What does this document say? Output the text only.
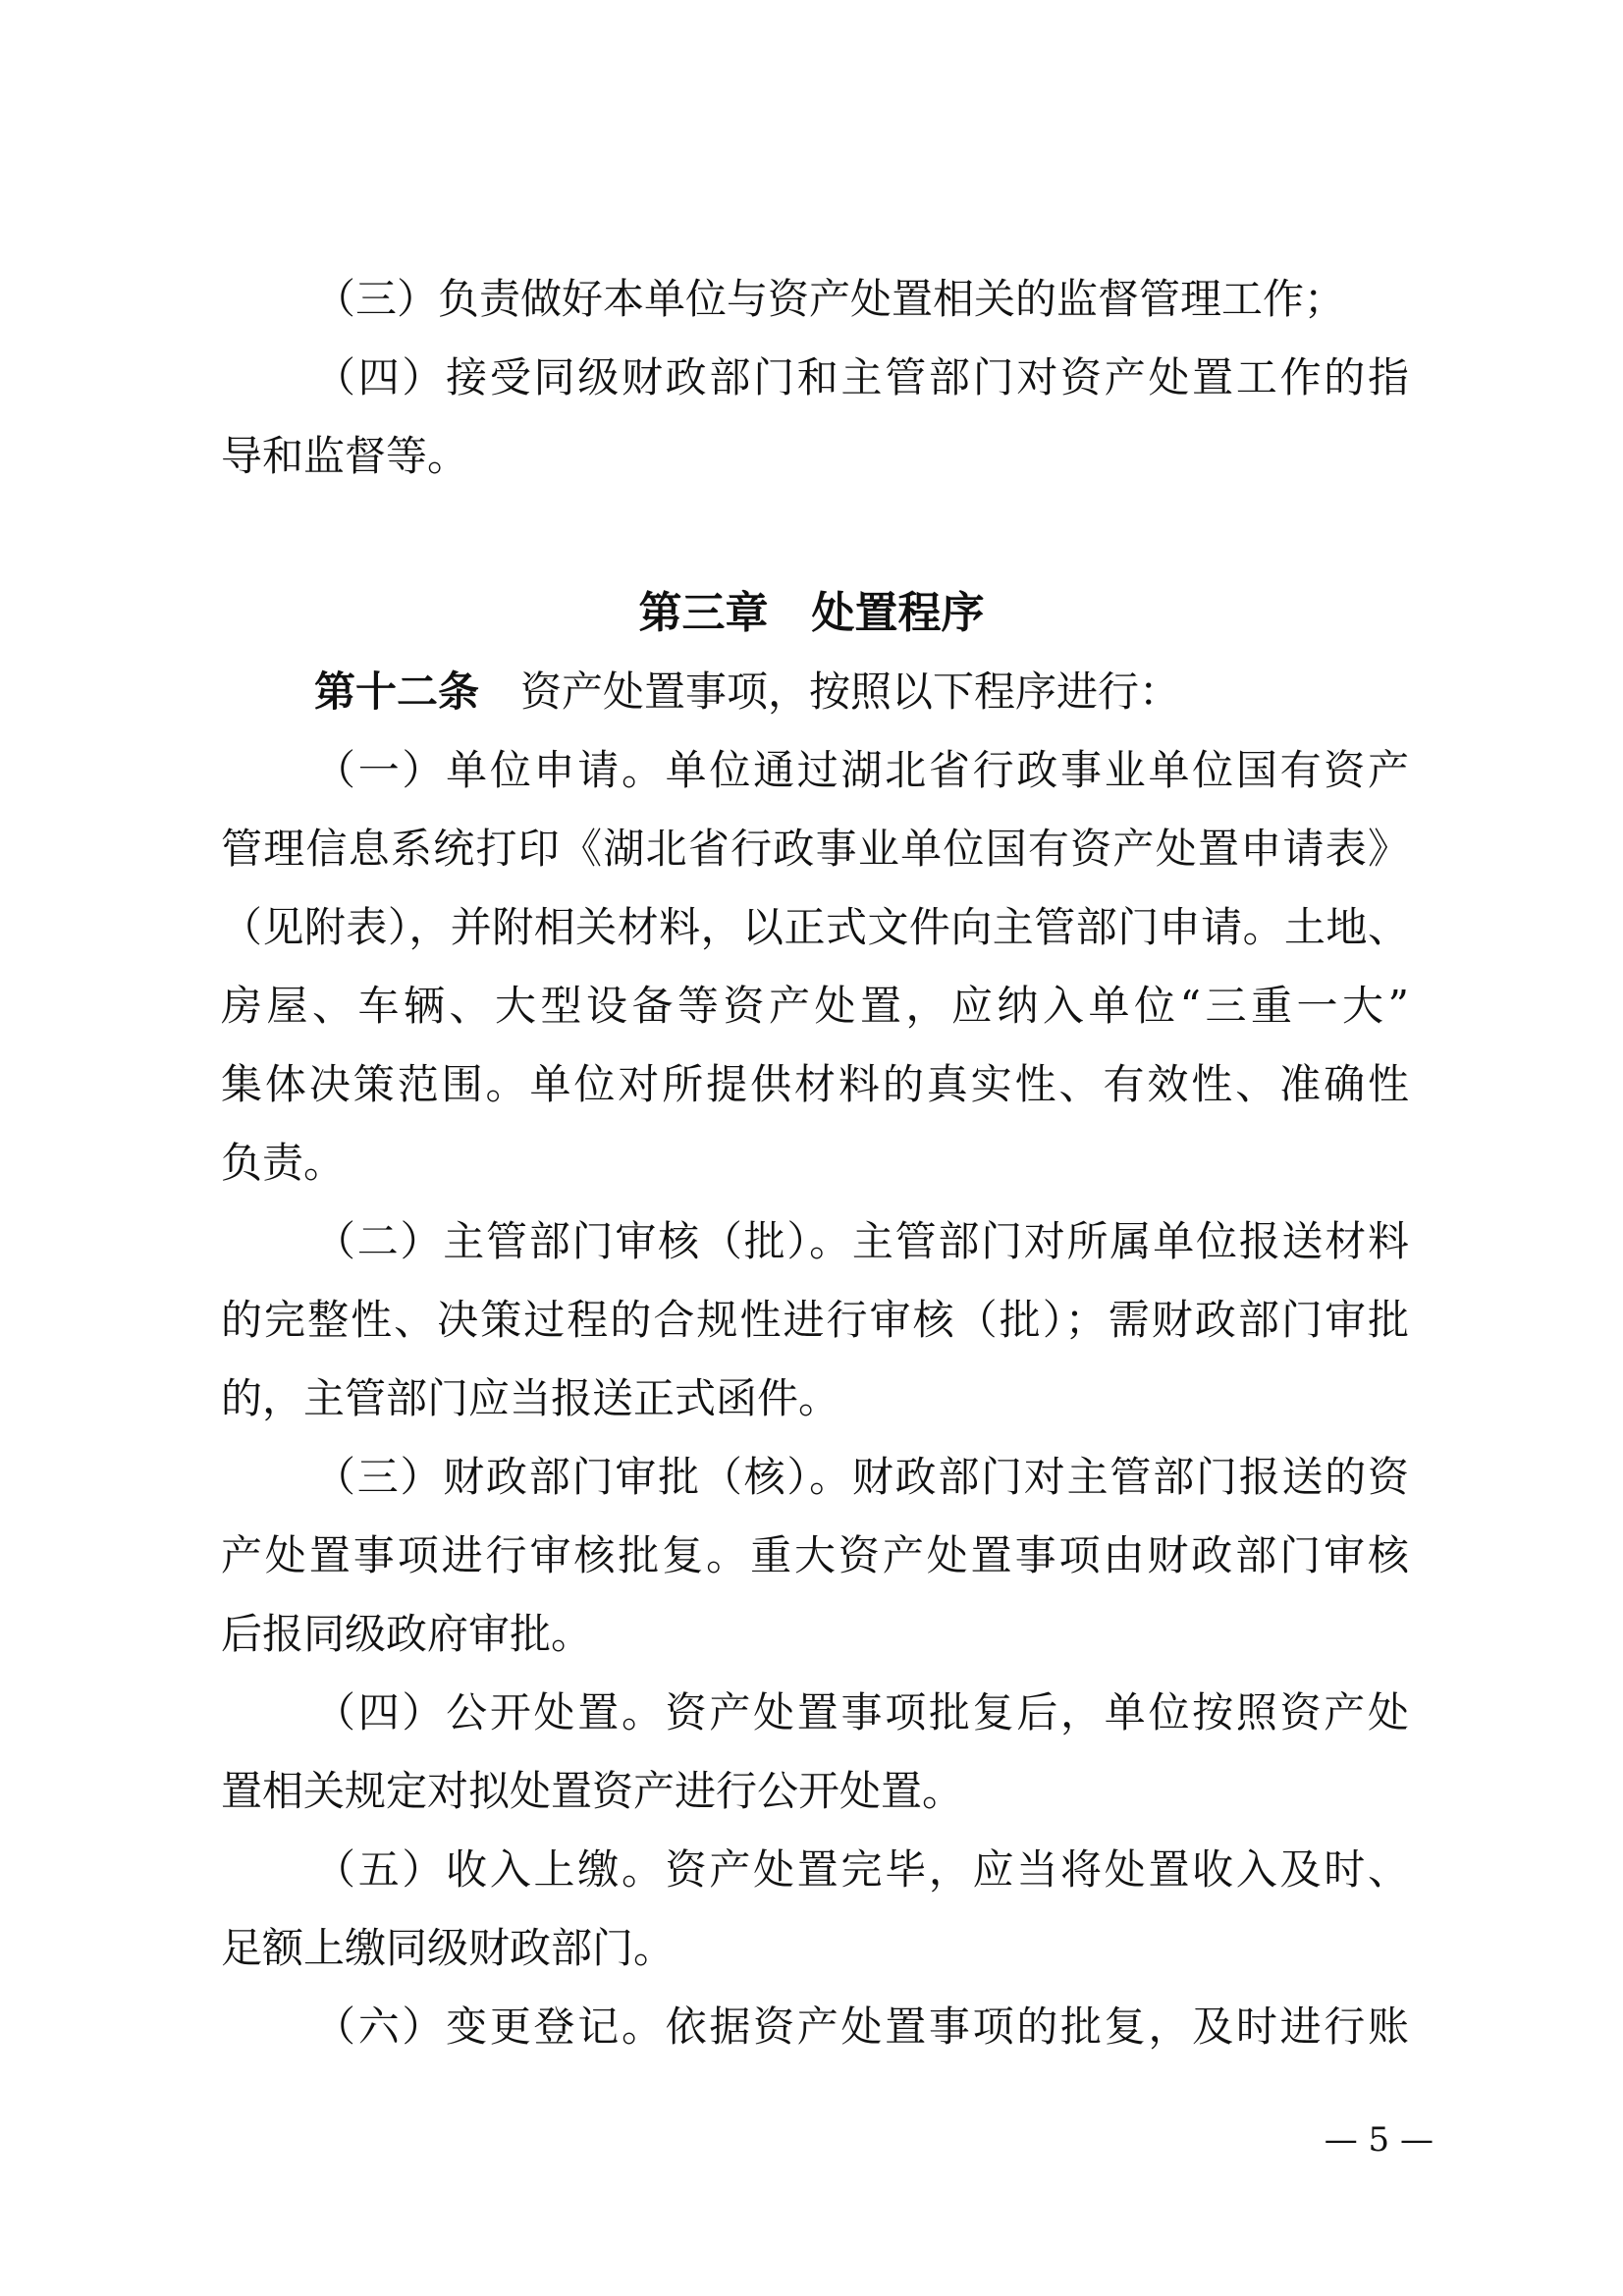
（三）负责做好本单位与资产处置相关的监督管理工作；
（四）接受同级财政部门和主管部门对资产处置工作的指
导和监督等。
第三章　处置程序
第十二条　资产处置事项，按照以下程序进行：
（一）单位申请。单位通过湖北省行政事业单位国有资产
管理信息系统打印《湖北省行政事业单位国有资产处置申请表》
（见附表），并附相关材料，以正式文件向主管部门申请。土地、
房屋、车辆、大型设备等资产处置，应纳入单位“三重一大”
集体决策范围。单位对所提供材料的真实性、有效性、准确性
负责。
（二）主管部门审核（批）。主管部门对所属单位报送材料
的完整性、决策过程的合规性进行审核（批）；需财政部门审批
的，主管部门应当报送正式函件。
（三）财政部门审批（核）。财政部门对主管部门报送的资
产处置事项进行审核批复。重大资产处置事项由财政部门审核
后报同级政府审批。
（四）公开处置。资产处置事项批复后，单位按照资产处
置相关规定对拟处置资产进行公开处置。
（五）收入上缴。资产处置完毕，应当将处置收入及时、
足额上缴同级财政部门。
（六）变更登记。依据资产处置事项的批复，及时进行账
— 5 —
